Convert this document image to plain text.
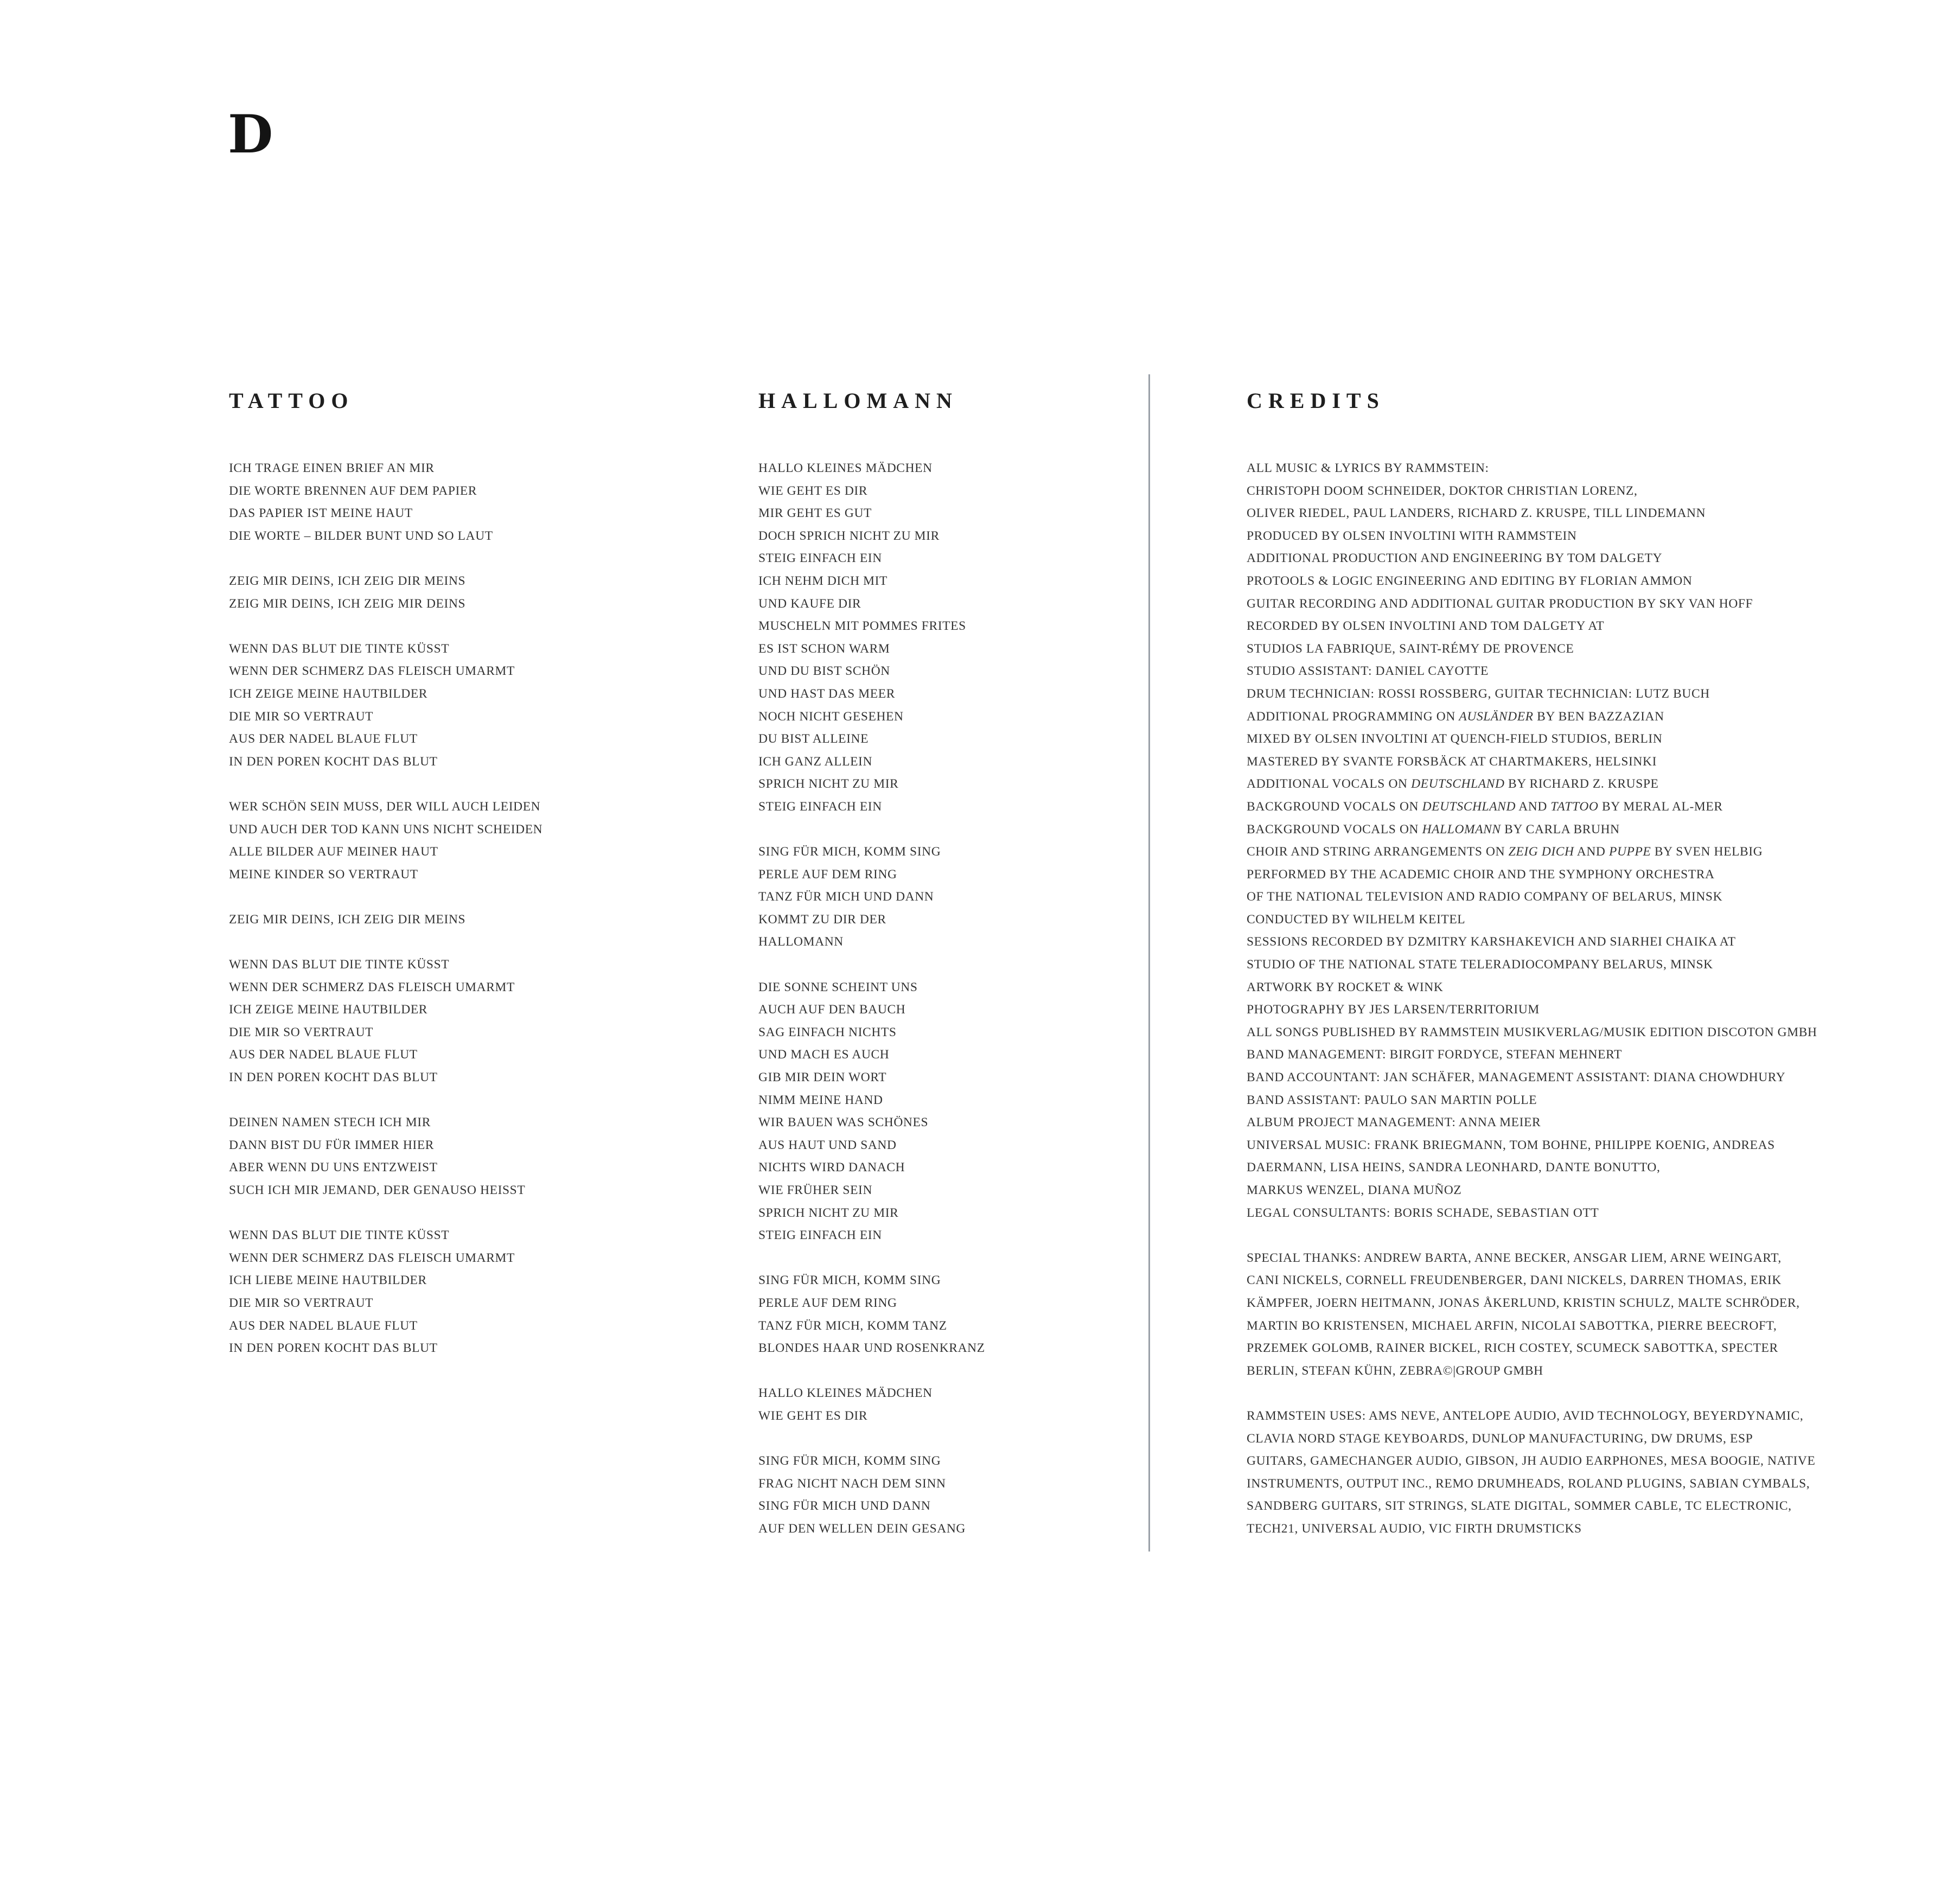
D
TATTOO
ICH TRAGE EINEN BRIEF AN MIR
DIE WORTE BRENNEN AUF DEM PAPIER
DAS PAPIER IST MEINE HAUT
DIE WORTE – BILDER BUNT UND SO LAUT
ZEIG MIR DEINS, ICH ZEIG DIR MEINS
ZEIG MIR DEINS, ICH ZEIG MIR DEINS
WENN DAS BLUT DIE TINTE KÜSST
WENN DER SCHMERZ DAS FLEISCH UMARMT
ICH ZEIGE MEINE HAUTBILDER
DIE MIR SO VERTRAUT
AUS DER NADEL BLAUE FLUT
IN DEN POREN KOCHT DAS BLUT
WER SCHÖN SEIN MUSS, DER WILL AUCH LEIDEN
UND AUCH DER TOD KANN UNS NICHT SCHEIDEN
ALLE BILDER AUF MEINER HAUT
MEINE KINDER SO VERTRAUT
ZEIG MIR DEINS, ICH ZEIG DIR MEINS
WENN DAS BLUT DIE TINTE KÜSST
WENN DER SCHMERZ DAS FLEISCH UMARMT
ICH ZEIGE MEINE HAUTBILDER
DIE MIR SO VERTRAUT
AUS DER NADEL BLAUE FLUT
IN DEN POREN KOCHT DAS BLUT
DEINEN NAMEN STECH ICH MIR
DANN BIST DU FÜR IMMER HIER
ABER WENN DU UNS ENTZWEIST
SUCH ICH MIR JEMAND, DER GENAUSO HEISST
WENN DAS BLUT DIE TINTE KÜSST
WENN DER SCHMERZ DAS FLEISCH UMARMT
ICH LIEBE MEINE HAUTBILDER
DIE MIR SO VERTRAUT
AUS DER NADEL BLAUE FLUT
IN DEN POREN KOCHT DAS BLUT
HALLOMANN
HALLO KLEINES MÄDCHEN
WIE GEHT ES DIR
MIR GEHT ES GUT
DOCH SPRICH NICHT ZU MIR
STEIG EINFACH EIN
ICH NEHM DICH MIT
UND KAUFE DIR
MUSCHELN MIT POMMES FRITES
ES IST SCHON WARM
UND DU BIST SCHÖN
UND HAST DAS MEER
NOCH NICHT GESEHEN
DU BIST ALLEINE
ICH GANZ ALLEIN
SPRICH NICHT ZU MIR
STEIG EINFACH EIN
SING FÜR MICH, KOMM SING
PERLE AUF DEM RING
TANZ FÜR MICH UND DANN
KOMMT ZU DIR DER
HALLOMANN
DIE SONNE SCHEINT UNS
AUCH AUF DEN BAUCH
SAG EINFACH NICHTS
UND MACH ES AUCH
GIB MIR DEIN WORT
NIMM MEINE HAND
WIR BAUEN WAS SCHÖNES
AUS HAUT UND SAND
NICHTS WIRD DANACH
WIE FRÜHER SEIN
SPRICH NICHT ZU MIR
STEIG EINFACH EIN
SING FÜR MICH, KOMM SING
PERLE AUF DEM RING
TANZ FÜR MICH, KOMM TANZ
BLONDES HAAR UND ROSENKRANZ
HALLO KLEINES MÄDCHEN
WIE GEHT ES DIR
SING FÜR MICH, KOMM SING
FRAG NICHT NACH DEM SINN
SING FÜR MICH UND DANN
AUF DEN WELLEN DEIN GESANG
CREDITS
ALL MUSIC & LYRICS BY RAMMSTEIN:
CHRISTOPH DOOM SCHNEIDER, DOKTOR CHRISTIAN LORENZ,
OLIVER RIEDEL, PAUL LANDERS, RICHARD Z. KRUSPE, TILL LINDEMANN
PRODUCED BY OLSEN INVOLTINI WITH RAMMSTEIN
ADDITIONAL PRODUCTION AND ENGINEERING BY TOM DALGETY
PROTOOLS & LOGIC ENGINEERING AND EDITING BY FLORIAN AMMON
GUITAR RECORDING AND ADDITIONAL GUITAR PRODUCTION BY SKY VAN HOFF
RECORDED BY OLSEN INVOLTINI AND TOM DALGETY AT
STUDIOS LA FABRIQUE, SAINT-RÉMY DE PROVENCE
STUDIO ASSISTANT: DANIEL CAYOTTE
DRUM TECHNICIAN: ROSSI ROSSBERG, GUITAR TECHNICIAN: LUTZ BUCH
ADDITIONAL PROGRAMMING ON AUSLÄNDER BY BEN BAZZAZIAN
MIXED BY OLSEN INVOLTINI AT QUENCH-FIELD STUDIOS, BERLIN
MASTERED BY SVANTE FORSBÄCK AT CHARTMAKERS, HELSINKI
ADDITIONAL VOCALS ON DEUTSCHLAND BY RICHARD Z. KRUSPE
BACKGROUND VOCALS ON DEUTSCHLAND AND TATTOO BY MERAL AL-MER
BACKGROUND VOCALS ON HALLOMANN BY CARLA BRUHN
CHOIR AND STRING ARRANGEMENTS ON ZEIG DICH AND PUPPE BY SVEN HELBIG
PERFORMED BY THE ACADEMIC CHOIR AND THE SYMPHONY ORCHESTRA
OF THE NATIONAL TELEVISION AND RADIO COMPANY OF BELARUS, MINSK
CONDUCTED BY WILHELM KEITEL
SESSIONS RECORDED BY DZMITRY KARSHAKEVICH AND SIARHEI CHAIKA AT
STUDIO OF THE NATIONAL STATE TELERADIOCOMPANY BELARUS, MINSK
ARTWORK BY ROCKET & WINK
PHOTOGRAPHY BY JES LARSEN/TERRITORIUM
ALL SONGS PUBLISHED BY RAMMSTEIN MUSIKVERLAG/MUSIK EDITION DISCOTON GMBH
BAND MANAGEMENT: BIRGIT FORDYCE, STEFAN MEHNERT
BAND ACCOUNTANT: JAN SCHÄFER, MANAGEMENT ASSISTANT: DIANA CHOWDHURY
BAND ASSISTANT: PAULO SAN MARTIN POLLE
ALBUM PROJECT MANAGEMENT: ANNA MEIER
UNIVERSAL MUSIC: FRANK BRIEGMANN, TOM BOHNE, PHILIPPE KOENIG, ANDREAS
DAERMANN, LISA HEINS, SANDRA LEONHARD, DANTE BONUTTO,
MARKUS WENZEL, DIANA MUÑOZ
LEGAL CONSULTANTS: BORIS SCHADE, SEBASTIAN OTT
SPECIAL THANKS: ANDREW BARTA, ANNE BECKER, ANSGAR LIEM, ARNE WEINGART,
CANI NICKELS, CORNELL FREUDENBERGER, DANI NICKELS, DARREN THOMAS, ERIK
KÄMPFER, JOERN HEITMANN, JONAS ÅKERLUND, KRISTIN SCHULZ, MALTE SCHRÖDER,
MARTIN BO KRISTENSEN, MICHAEL ARFIN, NICOLAI SABOTTKA, PIERRE BEECROFT,
PRZEMEK GOLOMB, RAINER BICKEL, RICH COSTEY, SCUMECK SABOTTKA, SPECTER
BERLIN, STEFAN KÜHN, ZEBRA©|GROUP GMBH
RAMMSTEIN USES: AMS NEVE, ANTELOPE AUDIO, AVID TECHNOLOGY, BEYERDYNAMIC,
CLAVIA NORD STAGE KEYBOARDS, DUNLOP MANUFACTURING, DW DRUMS, ESP
GUITARS, GAMECHANGER AUDIO, GIBSON, JH AUDIO EARPHONES, MESA BOOGIE, NATIVE
INSTRUMENTS, OUTPUT INC., REMO DRUMHEADS, ROLAND PLUGINS, SABIAN CYMBALS,
SANDBERG GUITARS, SIT STRINGS, SLATE DIGITAL, SOMMER CABLE, TC ELECTRONIC,
TECH21, UNIVERSAL AUDIO, VIC FIRTH DRUMSTICKS
